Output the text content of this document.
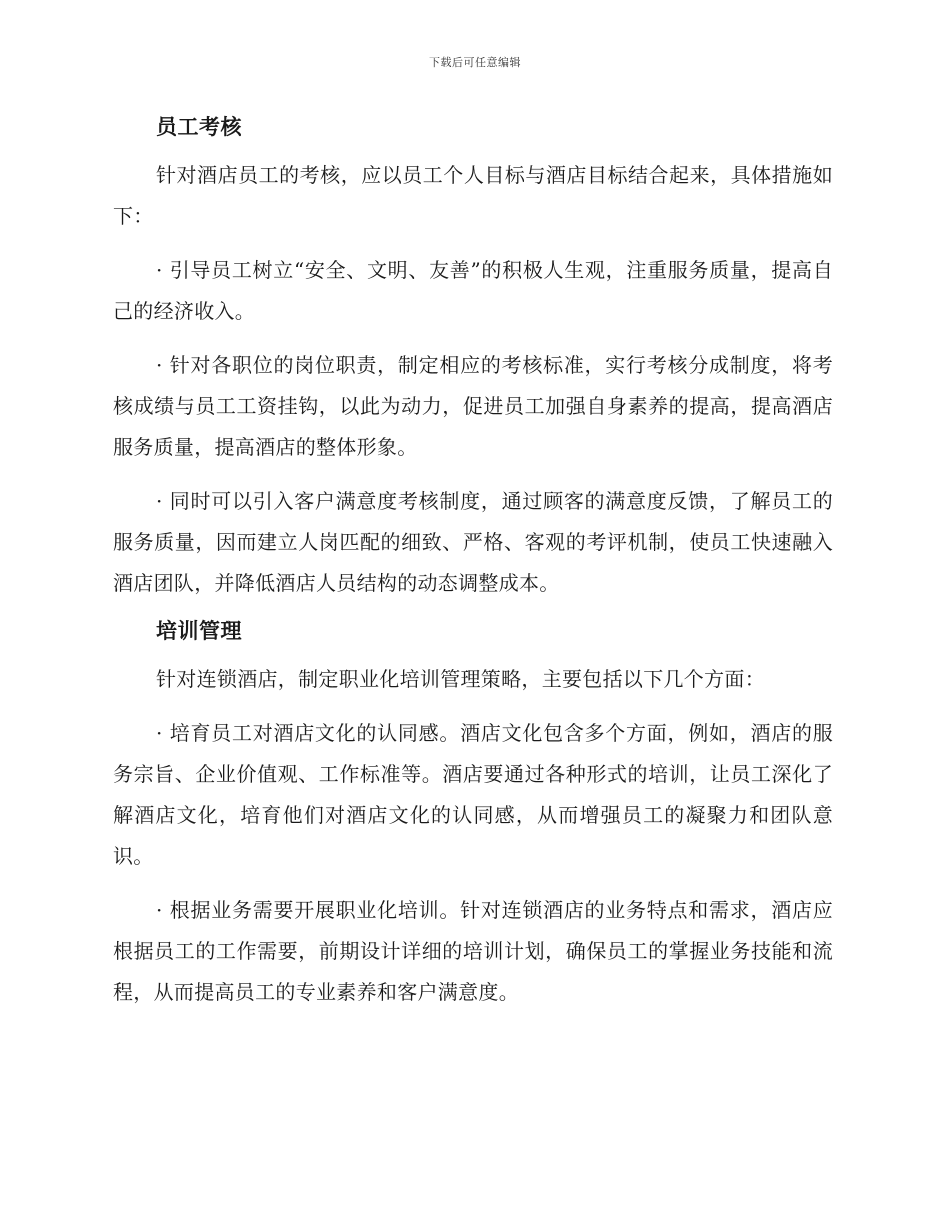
下载后可任意编辑
员工考核

针对酒店员工的考核，应以员工个人目标与酒店目标结合起来，具体措施如下：

· 引导员工树立“安全、文明、友善”的积极人生观，注重服务质量，提高自己的经济收入。

· 针对各职位的岗位职责，制定相应的考核标准，实行考核分成制度，将考核成绩与员工工资挂钩，以此为动力，促进员工加强自身素养的提高，提高酒店服务质量，提高酒店的整体形象。

· 同时可以引入客户满意度考核制度，通过顾客的满意度反馈，了解员工的服务质量，因而建立人岗匹配的细致、严格、客观的考评机制，使员工快速融入酒店团队，并降低酒店人员结构的动态调整成本。

培训管理

针对连锁酒店，制定职业化培训管理策略，主要包括以下几个方面：

· 培育员工对酒店文化的认同感。酒店文化包含多个方面，例如，酒店的服务宗旨、企业价值观、工作标准等。酒店要通过各种形式的培训，让员工深化了解酒店文化，培育他们对酒店文化的认同感，从而增强员工的凝聚力和团队意识。

· 根据业务需要开展职业化培训。针对连锁酒店的业务特点和需求，酒店应根据员工的工作需要，前期设计详细的培训计划，确保员工的掌握业务技能和流程，从而提高员工的专业素养和客户满意度。
